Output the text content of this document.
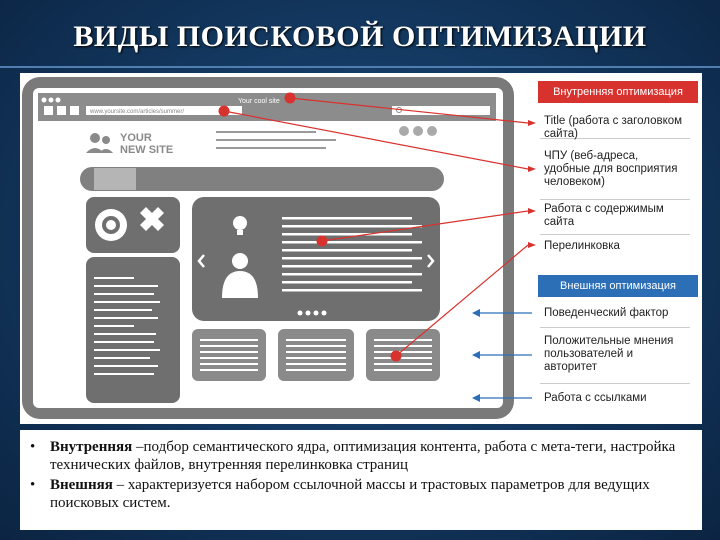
ВИДЫ ПОИСКОВОЙ ОПТИМИЗАЦИИ
Your cool site
www.yoursite.com/articles/summer/
YOUR
NEW SITE
Внутренняя оптимизация
Title (работа с заголовком
сайта)
ЧПУ (веб-адреса,
удобные для восприятия
человеком)
Работа с содержимым
сайта
Перелинковка
Внешняя оптимизация
Поведенческий фактор
Положительные мнения
пользователей и
авторитет
Работа с ссылками
• Внутренняя –подбор семантического ядра, оптимизация контента, работа с мета-теги, настройка технических файлов, внутренняя перелинковка страниц
• Внешняя – характеризуется набором ссылочной массы и трастовых параметров для ведущих поисковых систем.
